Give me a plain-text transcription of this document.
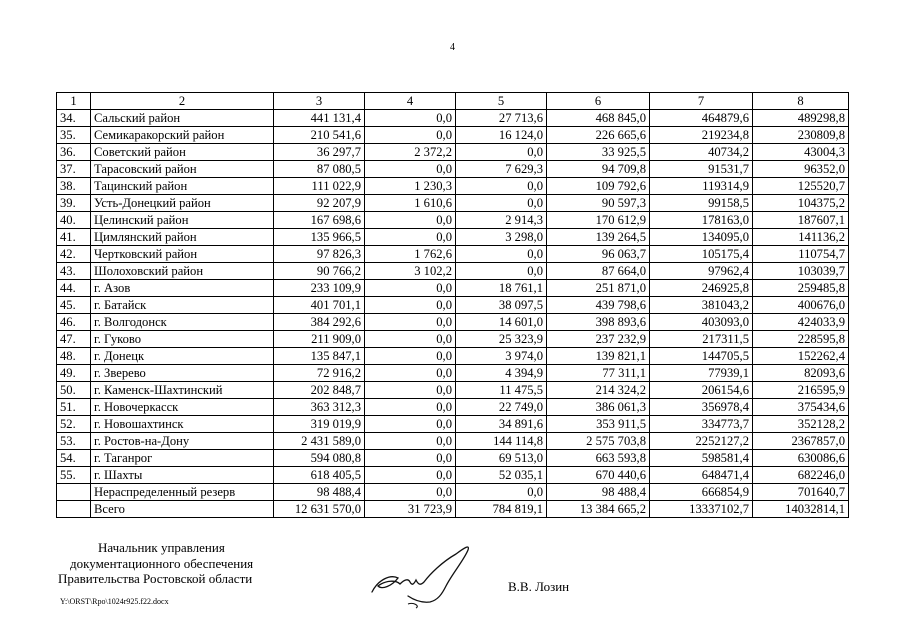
4
1	2	3	4	5	6	7	8
34.	Сальский район	441 131,4	0,0	27 713,6	468 845,0	464879,6	489298,8
35.	Семикаракорский район	210 541,6	0,0	16 124,0	226 665,6	219234,8	230809,8
36.	Советский район	36 297,7	2 372,2	0,0	33 925,5	40734,2	43004,3
37.	Тарасовский район	87 080,5	0,0	7 629,3	94 709,8	91531,7	96352,0
38.	Тацинский район	111 022,9	1 230,3	0,0	109 792,6	119314,9	125520,7
39.	Усть-Донецкий район	92 207,9	1 610,6	0,0	90 597,3	99158,5	104375,2
40.	Целинский район	167 698,6	0,0	2 914,3	170 612,9	178163,0	187607,1
41.	Цимлянский район	135 966,5	0,0	3 298,0	139 264,5	134095,0	141136,2
42.	Чертковский район	97 826,3	1 762,6	0,0	96 063,7	105175,4	110754,7
43.	Шолоховский район	90 766,2	3 102,2	0,0	87 664,0	97962,4	103039,7
44.	г. Азов	233 109,9	0,0	18 761,1	251 871,0	246925,8	259485,8
45.	г. Батайск	401 701,1	0,0	38 097,5	439 798,6	381043,2	400676,0
46.	г. Волгодонск	384 292,6	0,0	14 601,0	398 893,6	403093,0	424033,9
47.	г. Гуково	211 909,0	0,0	25 323,9	237 232,9	217311,5	228595,8
48.	г. Донецк	135 847,1	0,0	3 974,0	139 821,1	144705,5	152262,4
49.	г. Зверево	72 916,2	0,0	4 394,9	77 311,1	77939,1	82093,6
50.	г. Каменск-Шахтинский	202 848,7	0,0	11 475,5	214 324,2	206154,6	216595,9
51.	г. Новочеркасск	363 312,3	0,0	22 749,0	386 061,3	356978,4	375434,6
52.	г. Новошахтинск	319 019,9	0,0	34 891,6	353 911,5	334773,7	352128,2
53.	г. Ростов-на-Дону	2 431 589,0	0,0	144 114,8	2 575 703,8	2252127,2	2367857,0
54.	г. Таганрог	594 080,8	0,0	69 513,0	663 593,8	598581,4	630086,6
55.	г. Шахты	618 405,5	0,0	52 035,1	670 440,6	648471,4	682246,0
	Нераспределенный резерв	98 488,4	0,0	0,0	98 488,4	666854,9	701640,7
	Всего	12 631 570,0	31 723,9	784 819,1	13 384 665,2	13337102,7	14032814,1
Начальник управления
документационного обеспечения
Правительства Ростовской области
В.В. Лозин
Y:\ORST\Rpo\1024r925.f22.docx
